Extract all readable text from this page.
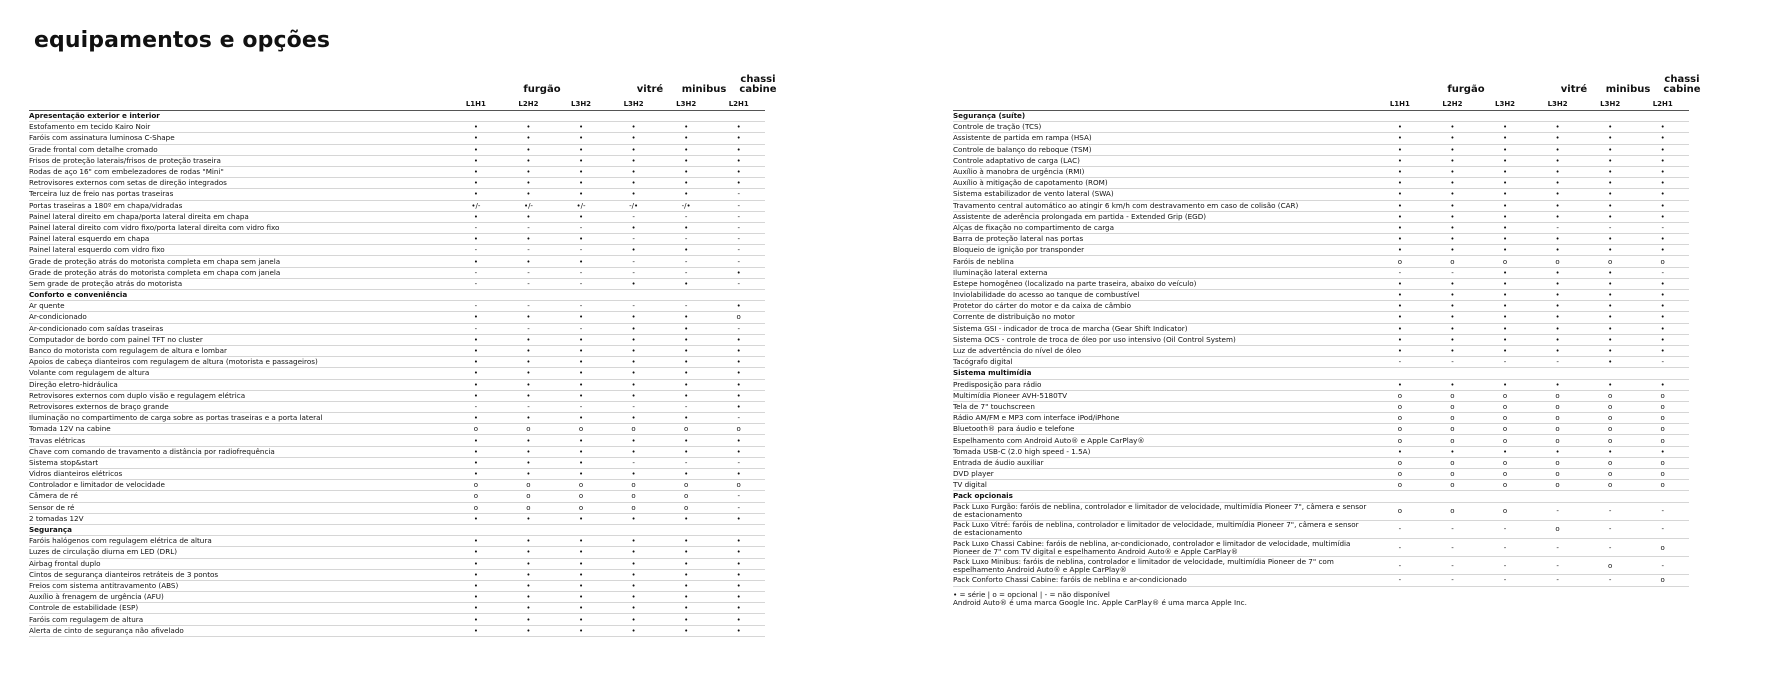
equipamentos e opções
furgão	vitré	minibus
chassi cabine
L1H1	L2H2	L3H2	L3H2	L3H2	L2H1
Apresentação exterior e interior
Estofamento em tecido Kairo Noir	•	•	•	•	•	•
Faróis com assinatura luminosa C-Shape	•	•	•	•	•	•
Grade frontal com detalhe cromado	•	•	•	•	•	•
Frisos de proteção laterais/frisos de proteção traseira	•	•	•	•	•	•
Rodas de aço 16" com embelezadores de rodas "Mini"	•	•	•	•	•	•
Retrovisores externos com setas de direção integrados	•	•	•	•	•	•
Terceira luz de freio nas portas traseiras	•	•	•	•	•	-
Portas traseiras a 180º em chapa/vidradas	•/-	•/-	•/-	-/•	-/•	-
Painel lateral direito em chapa/porta lateral direita em chapa	•	•	•	-	-	-
Painel lateral direito com vidro fixo/porta lateral direita com vidro fixo	-	-	-	•	•	-
Painel lateral esquerdo em chapa	•	•	•	-	-	-
Painel lateral esquerdo com vidro fixo	-	-	-	•	•	-
Grade de proteção atrás do motorista completa em chapa sem janela	•	•	•	-	-	-
Grade de proteção atrás do motorista completa em chapa com janela	-	-	-	-	-	•
Sem grade de proteção atrás do motorista	-	-	-	•	•	-
Conforto e conveniência
Ar quente	-	-	-	-	-	•
Ar-condicionado	•	•	•	•	•	o
Ar-condicionado com saídas traseiras	-	-	-	•	•	-
Computador de bordo com painel TFT no cluster	•	•	•	•	•	•
Banco do motorista com regulagem de altura e lombar	•	•	•	•	•	•
Apoios de cabeça dianteiros com regulagem de altura (motorista e passageiros)	•	•	•	•	•	•
Volante com regulagem de altura	•	•	•	•	•	•
Direção eletro-hidráulica	•	•	•	•	•	•
Retrovisores externos com duplo visão e regulagem elétrica	•	•	•	•	•	•
Retrovisores externos de braço grande	-	-	-	-	-	•
Iluminação no compartimento de carga sobre as portas traseiras e a porta lateral	•	•	•	•	•	-
Tomada 12V na cabine	o	o	o	o	o	o
Travas elétricas	•	•	•	•	•	•
Chave com comando de travamento a distância por radiofrequência	•	•	•	•	•	•
Sistema stop&start	•	•	•	-	-	-
Vidros dianteiros elétricos	•	•	•	•	•	•
Controlador e limitador de velocidade	o	o	o	o	o	o
Câmera de ré	o	o	o	o	o	-
Sensor de ré	o	o	o	o	o	-
2 tomadas 12V	•	•	•	•	•	•
Segurança
Faróis halógenos com regulagem elétrica de altura	•	•	•	•	•	•
Luzes de circulação diurna em LED (DRL)	•	•	•	•	•	•
Airbag frontal duplo	•	•	•	•	•	•
Cintos de segurança dianteiros retráteis de 3 pontos	•	•	•	•	•	•
Freios com sistema antitravamento (ABS)	•	•	•	•	•	•
Auxílio à frenagem de urgência (AFU)	•	•	•	•	•	•
Controle de estabilidade (ESP)	•	•	•	•	•	•
Faróis com regulagem de altura	•	•	•	•	•	•
Alerta de cinto de segurança não afivelado	•	•	•	•	•	•
furgão	vitré	minibus
chassi cabine
L1H1	L2H2	L3H2	L3H2	L3H2	L2H1
Segurança (suíte)
Controle de tração (TCS)	•	•	•	•	•	•
Assistente de partida em rampa (HSA)	•	•	•	•	•	•
Controle de balanço do reboque (TSM)	•	•	•	•	•	•
Controle adaptativo de carga (LAC)	•	•	•	•	•	•
Auxílio à manobra de urgência (RMI)	•	•	•	•	•	•
Auxílio à mitigação de capotamento (ROM)	•	•	•	•	•	•
Sistema estabilizador de vento lateral (SWA)	•	•	•	•	•	•
Travamento central automático ao atingir 6 km/h com destravamento em caso de colisão (CAR)	•	•	•	•	•	•
Assistente de aderência prolongada em partida - Extended Grip (EGD)	•	•	•	•	•	•
Alças de fixação no compartimento de carga	•	•	•	-	-	-
Barra de proteção lateral nas portas	•	•	•	•	•	•
Bloqueio de ignição por transponder	•	•	•	•	•	•
Faróis de neblina	o	o	o	o	o	o
Iluminação lateral externa	-	-	•	•	•	-
Estepe homogêneo (localizado na parte traseira, abaixo do veículo)	•	•	•	•	•	•
Inviolabilidade do acesso ao tanque de combustível	•	•	•	•	•	•
Protetor do cárter do motor e da caixa de câmbio	•	•	•	•	•	•
Corrente de distribuição no motor	•	•	•	•	•	•
Sistema GSI - indicador de troca de marcha (Gear Shift Indicator)	•	•	•	•	•	•
Sistema OCS - controle de troca de óleo por uso intensivo (Oil Control System)	•	•	•	•	•	•
Luz de advertência do nível de óleo	•	•	•	•	•	•
Tacógrafo digital	-	-	-	-	•	-
Sistema multimídia
Predisposição para rádio	•	•	•	•	•	•
Multimídia Pioneer AVH-5180TV	o	o	o	o	o	o
Tela de 7" touchscreen	o	o	o	o	o	o
Rádio AM/FM e MP3 com interface iPod/iPhone	o	o	o	o	o	o
Bluetooth® para áudio e telefone	o	o	o	o	o	o
Espelhamento com Android Auto® e Apple CarPlay®	o	o	o	o	o	o
Tomada USB-C (2.0 high speed - 1.5A)	•	•	•	•	•	•
Entrada de áudio auxiliar	o	o	o	o	o	o
DVD player	o	o	o	o	o	o
TV digital	o	o	o	o	o	o
Pack opcionais
Pack Luxo Furgão: faróis de neblina, controlador e limitador de velocidade, multimídia Pioneer 7", câmera e sensor de estacionamento	o	o	o	-	-	-
Pack Luxo Vitré: faróis de neblina, controlador e limitador de velocidade, multimídia Pioneer 7", câmera e sensor de estacionamento	-	-	-	o	-	-
Pack Luxo Chassi Cabine: faróis de neblina, ar-condicionado, controlador e limitador de velocidade, multimídia Pioneer de 7" com TV digital e espelhamento Android Auto® e Apple CarPlay®	-	-	-	-	-	o
Pack Luxo Minibus: faróis de neblina, controlador e limitador de velocidade, multimídia Pioneer de 7" com espelhamento Android Auto® e Apple CarPlay®	-	-	-	-	o	-
Pack Conforto Chassi Cabine: faróis de neblina e ar-condicionado	-	-	-	-	-	o
• = série | o = opcional | - = não disponível
Android Auto® é uma marca Google Inc. Apple CarPlay® é uma marca Apple Inc.
